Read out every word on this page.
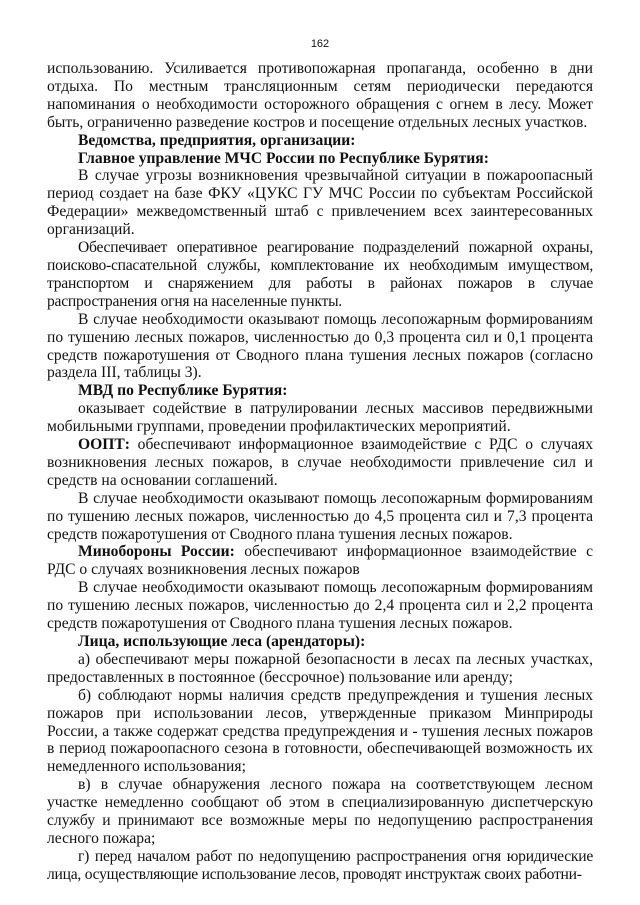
162

использованию. Усиливается противопожарная пропаганда, особенно в дни отдыха. По местным трансляционным сетям периодически передаются напоминания о необходимости осторожного обращения с огнем в лесу. Может быть, ограниченно разведение костров и посещение отдельных лесных участков.

Ведомства, предприятия, организации:

Главное управление МЧС России по Республике Бурятия:

В случае угрозы возникновения чрезвычайной ситуации в пожароопасный период создает на базе ФКУ «ЦУКС ГУ МЧС России по субъектам Российской Федерации» межведомственный штаб с привлечением всех заинтересованных организаций.

Обеспечивает оперативное реагирование подразделений пожарной охраны, поисково-спасательной службы, комплектование их необходимым имуществом, транспортом и снаряжением для работы в районах пожаров в случае распространения огня на населенные пункты.

В случае необходимости оказывают помощь лесопожарным формированиям по тушению лесных пожаров, численностью до 0,3 процента сил и 0,1 процента средств пожаротушения от Сводного плана тушения лесных пожаров (согласно раздела III, таблицы 3).

МВД по Республике Бурятия:

оказывает содействие в патрулировании лесных массивов передвижными мобильными группами, проведении профилактических мероприятий.

ООПТ: обеспечивают информационное взаимодействие с РДС о случаях возникновения лесных пожаров, в случае необходимости привлечение сил и средств на основании соглашений.

В случае необходимости оказывают помощь лесопожарным формированиям по тушению лесных пожаров, численностью до 4,5 процента сил и 7,3 процента средств пожаротушения от Сводного плана тушения лесных пожаров.

Минобороны России: обеспечивают информационное взаимодействие с РДС о случаях возникновения лесных пожаров

В случае необходимости оказывают помощь лесопожарным формированиям по тушению лесных пожаров, численностью до 2,4 процента сил и 2,2 процента средств пожаротушения от Сводного плана тушения лесных пожаров.

Лица, использующие леса (арендаторы):

а) обеспечивают меры пожарной безопасности в лесах па лесных участках, предоставленных в постоянное (бессрочное) пользование или аренду;

б) соблюдают нормы наличия средств предупреждения и тушения лесных пожаров при использовании лесов, утвержденные приказом Минприроды России, а также содержат средства предупреждения и - тушения лесных пожаров в период пожароопасного сезона в готовности, обеспечивающей возможность их немедленного использования;

в) в случае обнаружения лесного пожара на соответствующем лесном участке немедленно сообщают об этом в специализированную диспетчерскую службу и принимают все возможные меры по недопущению распространения лесного пожара;

г) перед началом работ по недопущению распространения огня юридические лица, осуществляющие использование лесов, проводят инструктаж своих работни-
